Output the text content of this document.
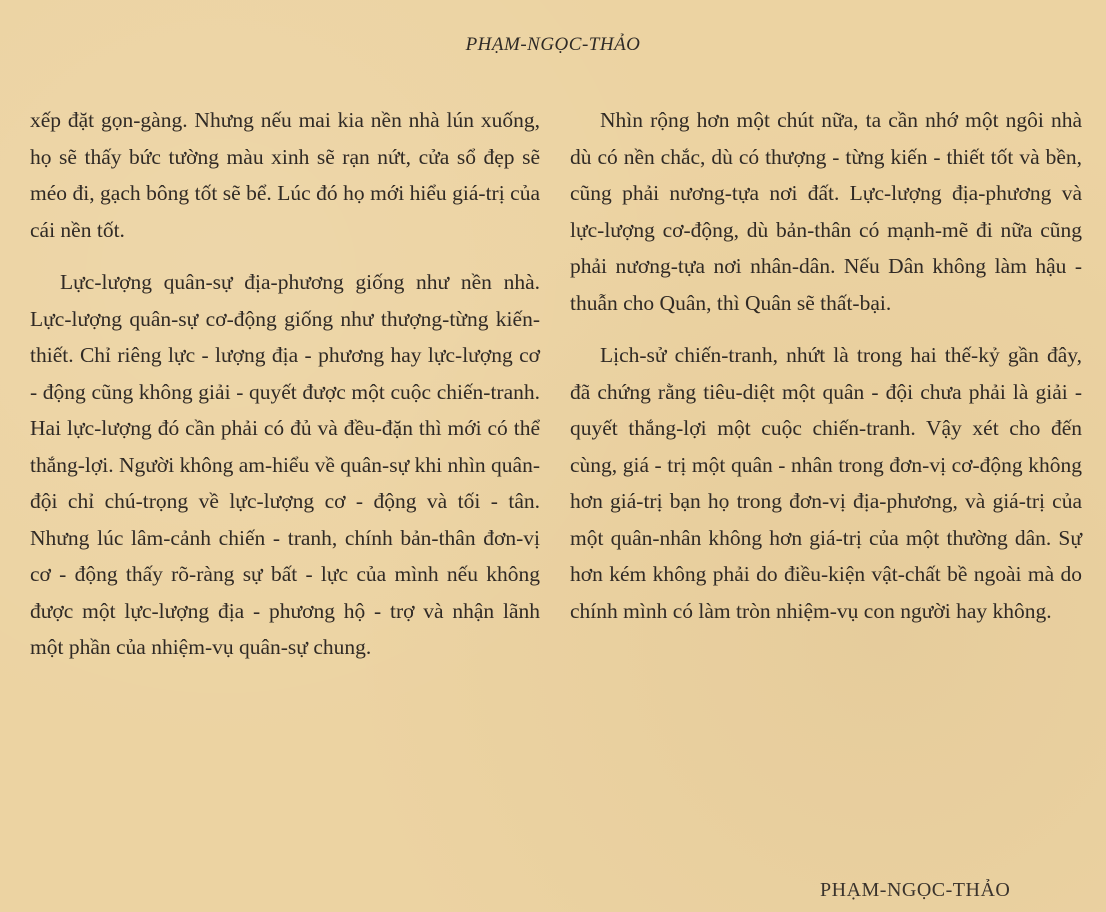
PHẠM-NGỌC-THẢO

xếp đặt gọn-gàng. Nhưng nếu mai kia nền nhà lún xuống, họ sẽ thấy bức tường màu xinh sẽ rạn nứt, cửa sổ đẹp sẽ méo đi, gạch bông tốt sẽ bể. Lúc đó họ mới hiểu giá-trị của cái nền tốt.

Lực-lượng quân-sự địa-phương giống như nền nhà. Lực-lượng quân-sự cơ-động giống như thượng-từng kiến-thiết. Chỉ riêng lực - lượng địa - phương hay lực-lượng cơ - động cũng không giải - quyết được một cuộc chiến-tranh. Hai lực-lượng đó cần phải có đủ và đều-đặn thì mới có thể thắng-lợi. Người không am-hiểu về quân-sự khi nhìn quân-đội chỉ chú-trọng về lực-lượng cơ - động và tối - tân. Nhưng lúc lâm-cảnh chiến - tranh, chính bản-thân đơn-vị cơ - động thấy rõ-ràng sự bất - lực của mình nếu không được một lực-lượng địa - phương hộ - trợ và nhận lãnh một phần của nhiệm-vụ quân-sự chung.

Nhìn rộng hơn một chút nữa, ta cần nhớ một ngôi nhà dù có nền chắc, dù có thượng - từng kiến - thiết tốt và bền, cũng phải nương-tựa nơi đất. Lực-lượng địa-phương và lực-lượng cơ-động, dù bản-thân có mạnh-mẽ đi nữa cũng phải nương-tựa nơi nhân-dân. Nếu Dân không làm hậu - thuẫn cho Quân, thì Quân sẽ thất-bại.

Lịch-sử chiến-tranh, nhứt là trong hai thế-kỷ gần đây, đã chứng rằng tiêu-diệt một quân - đội chưa phải là giải - quyết thắng-lợi một cuộc chiến-tranh. Vậy xét cho đến cùng, giá - trị một quân - nhân trong đơn-vị cơ-động không hơn giá-trị bạn họ trong đơn-vị địa-phương, và giá-trị của một quân-nhân không hơn giá-trị của một thường dân. Sự hơn kém không phải do điều-kiện vật-chất bề ngoài mà do chính mình có làm tròn nhiệm-vụ con người hay không.

PHẠM-NGỌC-THẢO
